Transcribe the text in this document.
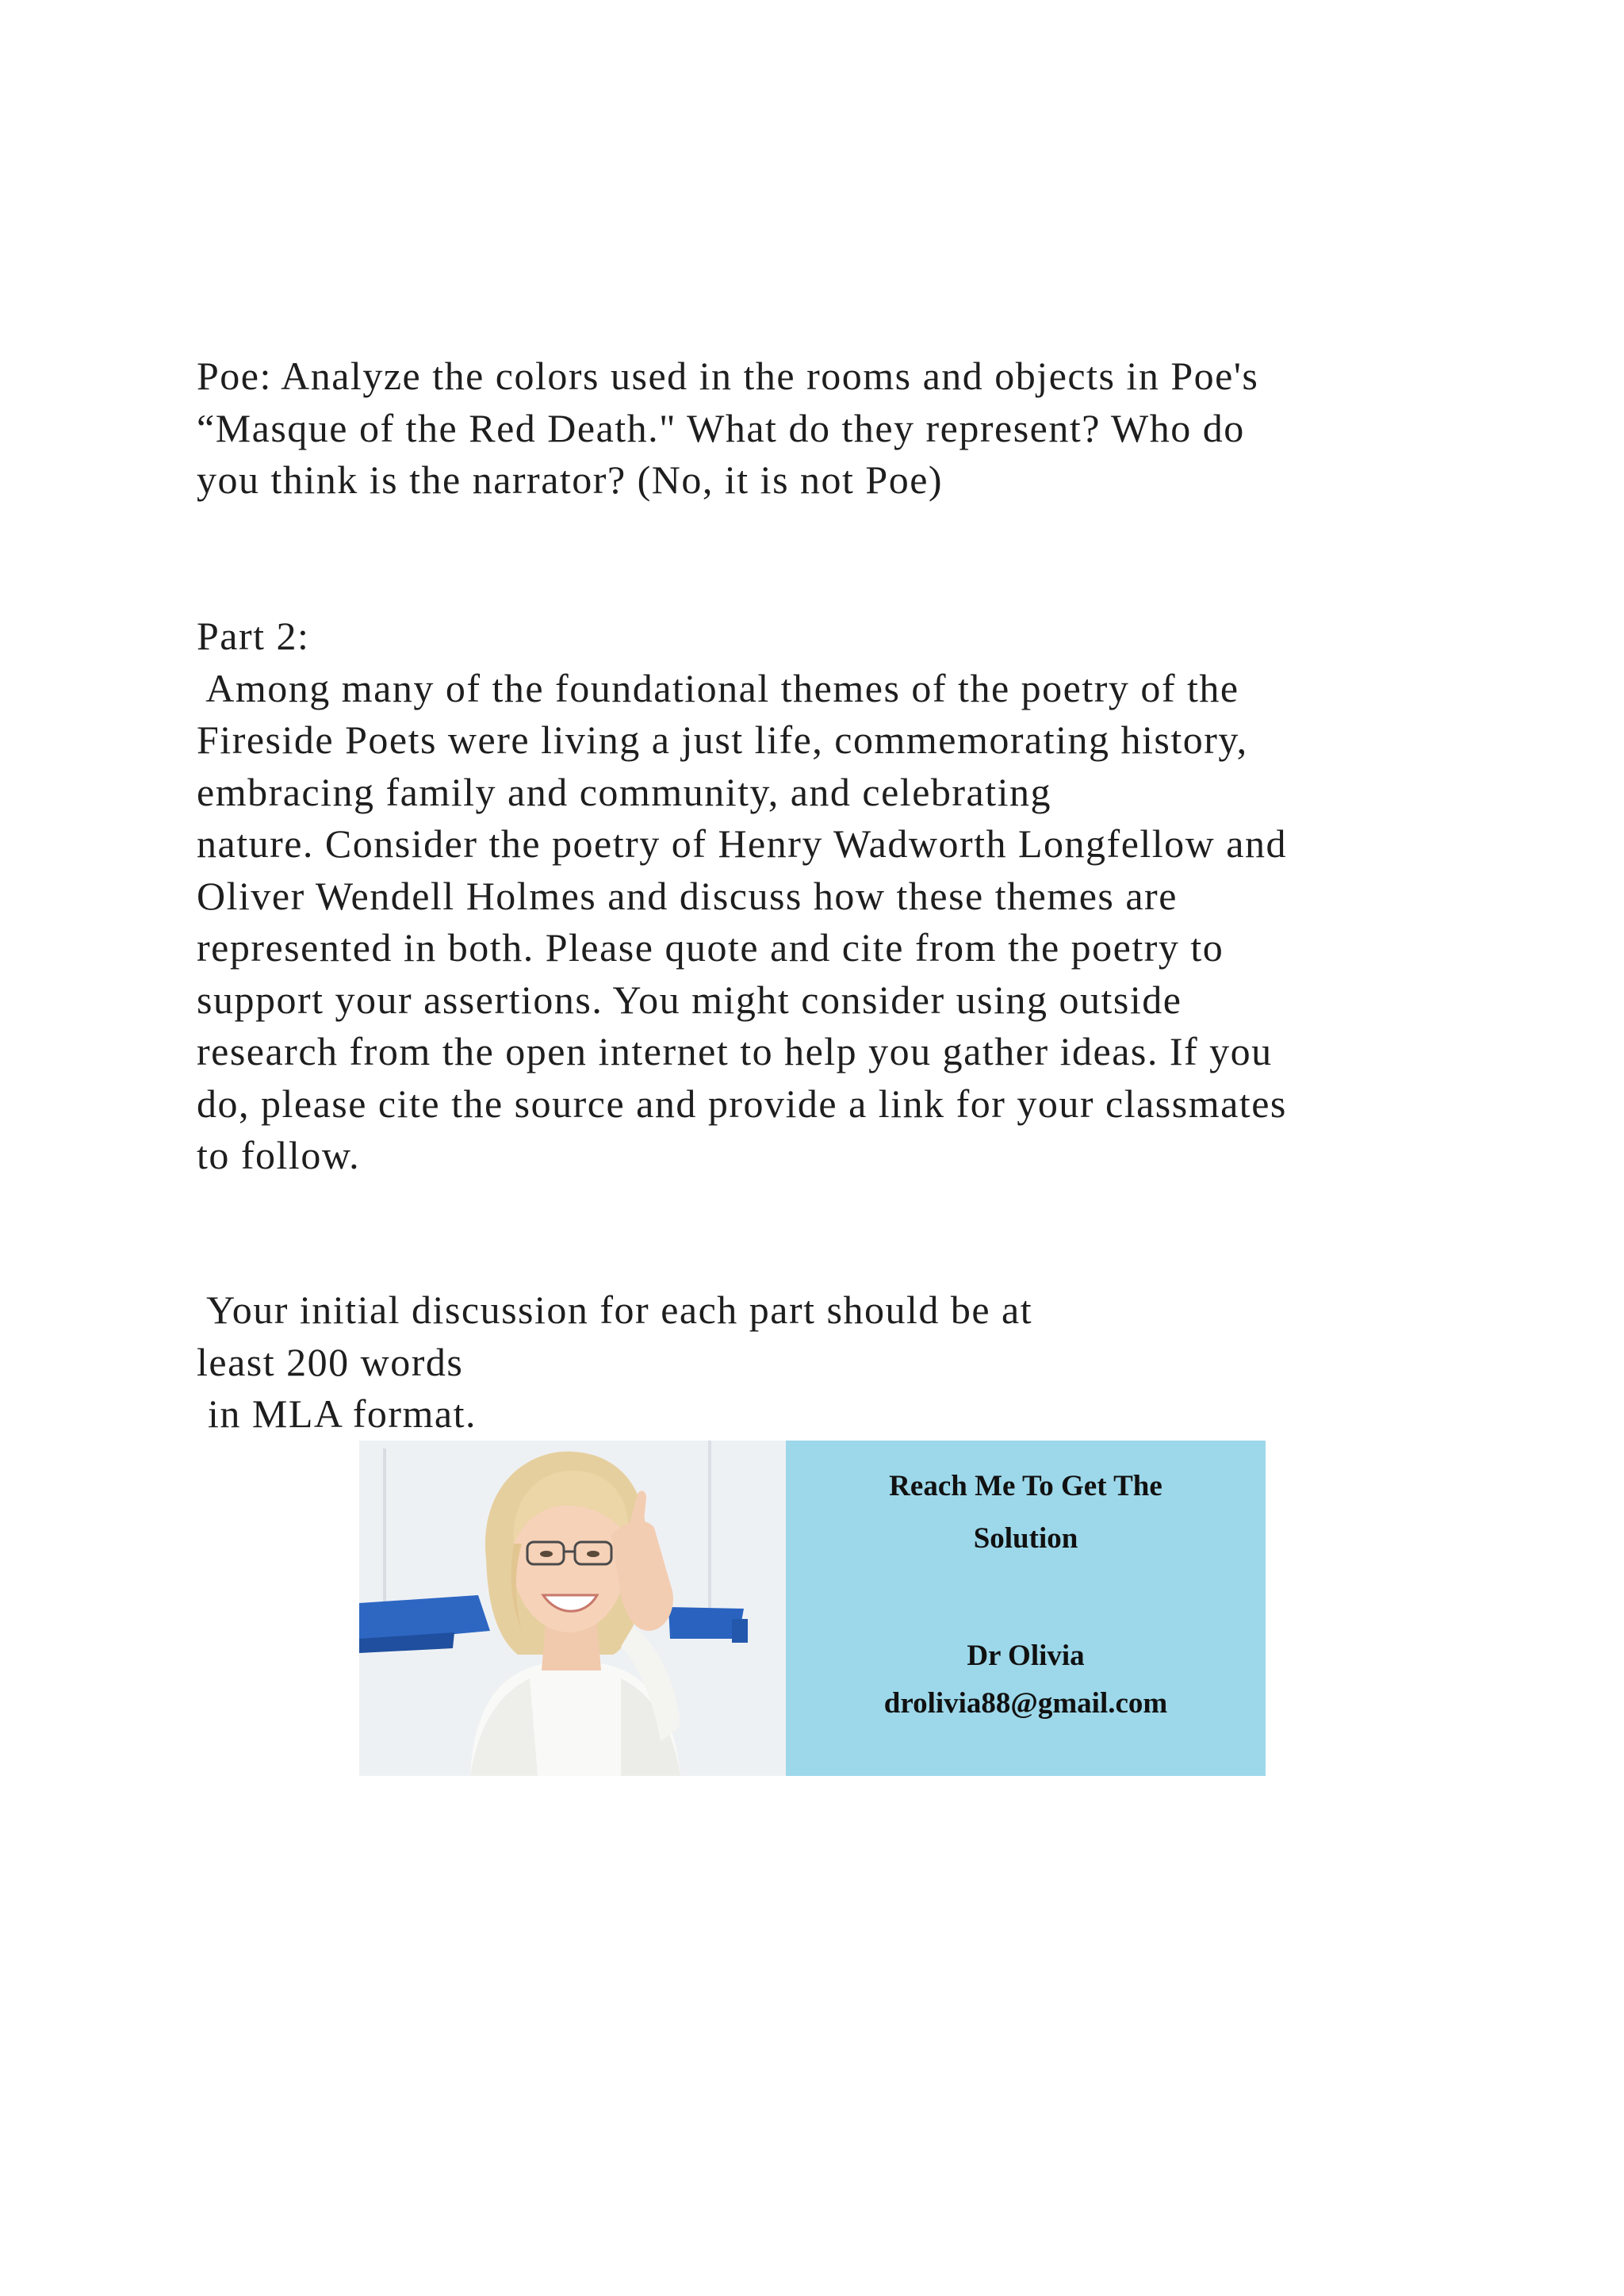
Poe: Analyze the colors used in the rooms and objects in Poe's
“Masque of the Red Death." What do they represent? Who do
you think is the narrator? (No, it is not Poe)
Part 2:
Among many of the foundational themes of the poetry of the
Fireside Poets were living a just life, commemorating history,
embracing family and community, and celebrating
nature. Consider the poetry of Henry Wadworth Longfellow and
Oliver Wendell Holmes and discuss how these themes are
represented in both. Please quote and cite from the poetry to
support your assertions. You might consider using outside
research from the open internet to help you gather ideas. If you
do, please cite the source and provide a link for your classmates
to follow.
Your initial discussion for each part should be at
least 200 words
in MLA format.
Reach Me To Get The
Solution
Dr Olivia
drolivia88@gmail.com
